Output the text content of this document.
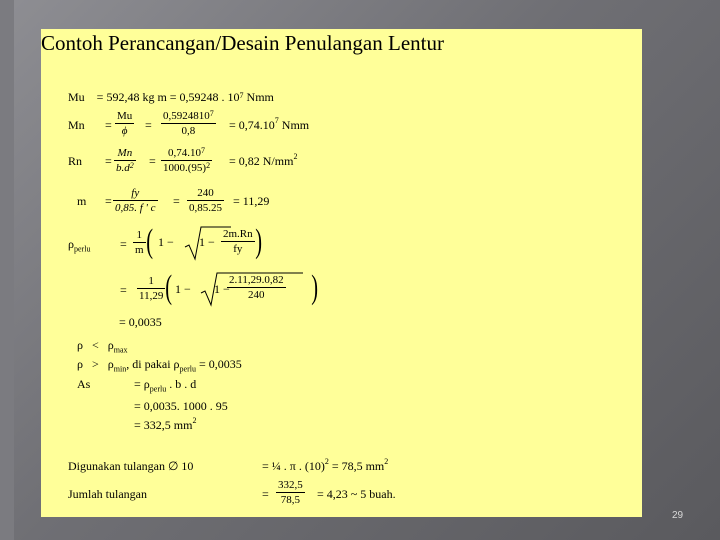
Contoh Perancangan/Desain Penulangan Lentur
Mu = 592,48 kg m = 0,59248 . $10^7$ Nmm
Mn =
Mu
ϕ =
$0,5924810^7$
0,8	= $0,74.10^7$ Nmm
Rn =
Mn
$b.d^2$ =
$0,74.10^7$
$1000.(95)^2 = 0,82$ $N/mm^2$
m =
fy
0,85. f ' c =
240
0,85.25 = 11,29
$\rho_{perlu}$ =
1
m ( 1 − 1 −
2m.Rn
fy )
=
1
11,29 ( 1 − 1 −
2.11,29.0,82
240 )
= 0,0035
$\rho < \rho_{max}$
$\rho > \rho_{min}$, di pakai $\rho_{perlu} = 0,0035$
As	= $\rho_{perlu}$ . b . d
= 0,0035. 1000 . 95
= 332,5 $mm^2$
Digunakan tulangan ∅ 10	= ¼ . π . $(10)^2 = 78,5$ $mm^2$
Jumlah tulangan	=
332,5
78,5 = 4,23 ~ 5 buah.
29
